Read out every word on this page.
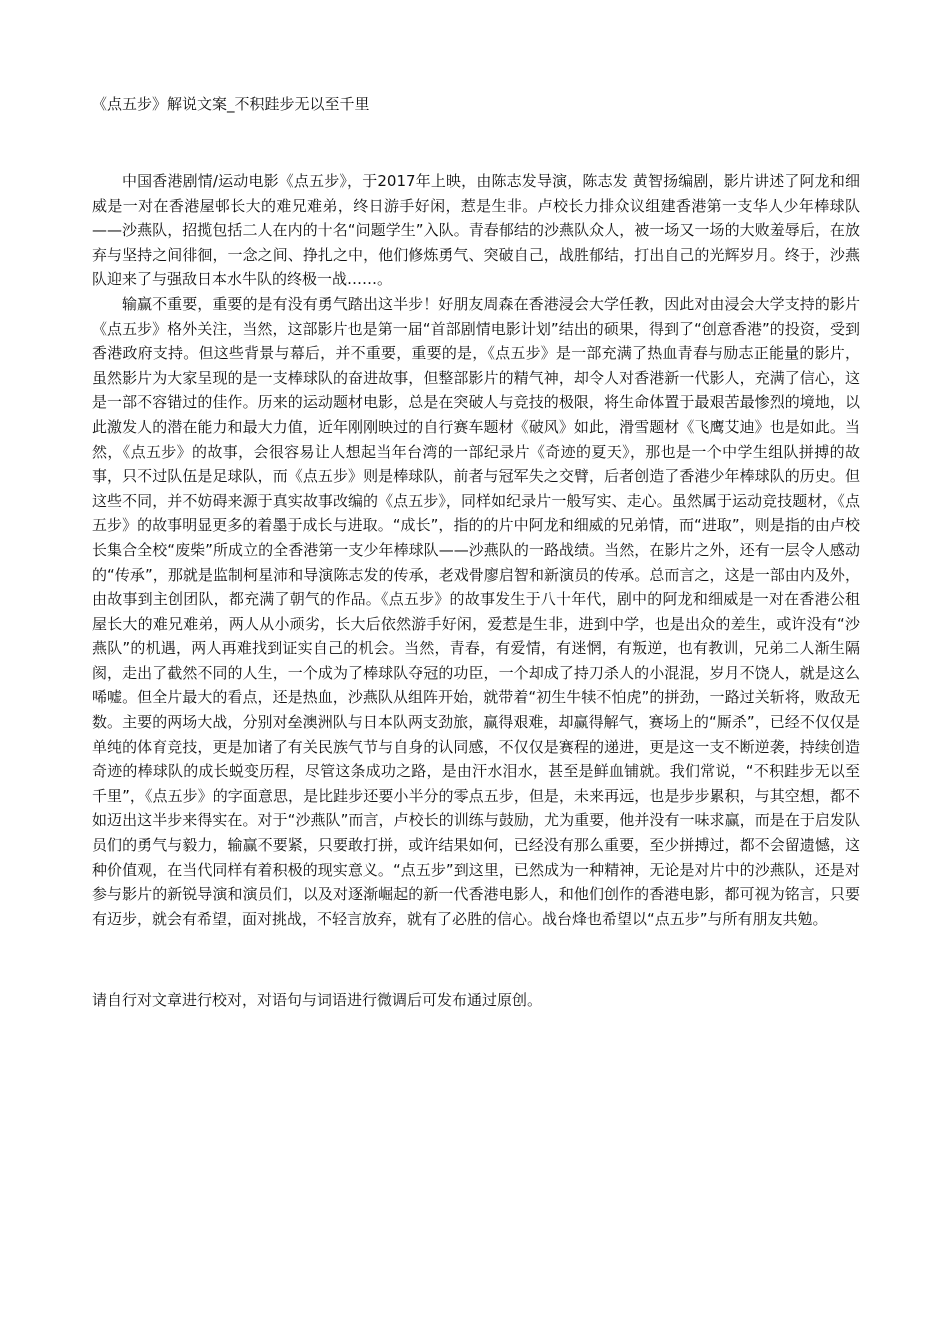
《点五步》解说文案_不积跬步无以至千里

中国香港剧情/运动电影《点五步》，于2017年上映，由陈志发导演，陈志发 黄智扬编剧，影片讲述了阿龙和细威是一对在香港屋邨长大的难兄难弟，终日游手好闲，惹是生非。卢校长力排众议组建香港第一支华人少年棒球队——沙燕队，招揽包括二人在内的十名“问题学生”入队。青春郁结的沙燕队众人，被一场又一场的大败羞辱后，在放弃与坚持之间徘徊，一念之间、挣扎之中，他们修炼勇气、突破自己，战胜郁结，打出自己的光辉岁月。终于，沙燕队迎来了与强敌日本水牛队的终极一战……。

输赢不重要，重要的是有没有勇气踏出这半步！好朋友周森在香港浸会大学任教，因此对由浸会大学支持的影片《点五步》格外关注，当然，这部影片也是第一届“首部剧情电影计划”结出的硕果，得到了“创意香港”的投资，受到香港政府支持。但这些背景与幕后，并不重要，重要的是，《点五步》是一部充满了热血青春与励志正能量的影片，虽然影片为大家呈现的是一支棒球队的奋进故事，但整部影片的精气神，却令人对香港新一代影人，充满了信心，这是一部不容错过的佳作。历来的运动题材电影，总是在突破人与竞技的极限，将生命体置于最艰苦最惨烈的境地，以此激发人的潜在能力和最大力值，近年刚刚映过的自行赛车题材《破风》如此，滑雪题材《飞鹰艾迪》也是如此。当然，《点五步》的故事，会很容易让人想起当年台湾的一部纪录片《奇迹的夏天》，那也是一个中学生组队拼搏的故事，只不过队伍是足球队，而《点五步》则是棒球队，前者与冠军失之交臂，后者创造了香港少年棒球队的历史。但这些不同，并不妨碍来源于真实故事改编的《点五步》，同样如纪录片一般写实、走心。虽然属于运动竞技题材，《点五步》的故事明显更多的着墨于成长与进取。“成长”，指的的片中阿龙和细威的兄弟情，而“进取”，则是指的由卢校长集合全校“废柴”所成立的全香港第一支少年棒球队——沙燕队的一路战绩。当然，在影片之外，还有一层令人感动的“传承”，那就是监制柯星沛和导演陈志发的传承，老戏骨廖启智和新演员的传承。总而言之，这是一部由内及外，由故事到主创团队，都充满了朝气的作品。《点五步》的故事发生于八十年代，剧中的阿龙和细威是一对在香港公租屋长大的难兄难弟，两人从小顽劣，长大后依然游手好闲，爱惹是生非，进到中学，也是出众的差生，或许没有“沙燕队”的机遇，两人再难找到证实自己的机会。当然，青春，有爱情，有迷惘，有叛逆，也有教训，兄弟二人渐生隔阂，走出了截然不同的人生，一个成为了棒球队夺冠的功臣，一个却成了持刀杀人的小混混，岁月不饶人，就是这么唏嘘。但全片最大的看点，还是热血，沙燕队从组阵开始，就带着“初生牛犊不怕虎”的拼劲，一路过关斩将，败敌无数。主要的两场大战，分别对垒澳洲队与日本队两支劲旅，赢得艰难，却赢得解气，赛场上的“厮杀”，已经不仅仅是单纯的体育竞技，更是加诸了有关民族气节与自身的认同感，不仅仅是赛程的递进，更是这一支不断逆袭，持续创造奇迹的棒球队的成长蜕变历程，尽管这条成功之路，是由汗水泪水，甚至是鲜血铺就。我们常说，“不积跬步无以至千里”，《点五步》的字面意思，是比跬步还要小半分的零点五步，但是，未来再远，也是步步累积，与其空想，都不如迈出这半步来得实在。对于“沙燕队”而言，卢校长的训练与鼓励，尤为重要，他并没有一味求赢，而是在于启发队员们的勇气与毅力，输赢不要紧，只要敢打拼，或许结果如何，已经没有那么重要，至少拼搏过，都不会留遗憾，这种价值观，在当代同样有着积极的现实意义。“点五步”到这里，已然成为一种精神，无论是对片中的沙燕队，还是对参与影片的新锐导演和演员们，以及对逐渐崛起的新一代香港电影人，和他们创作的香港电影，都可视为铭言，只要有迈步，就会有希望，面对挑战，不轻言放弃，就有了必胜的信心。战台烽也希望以“点五步”与所有朋友共勉。

请自行对文章进行校对，对语句与词语进行微调后可发布通过原创。
